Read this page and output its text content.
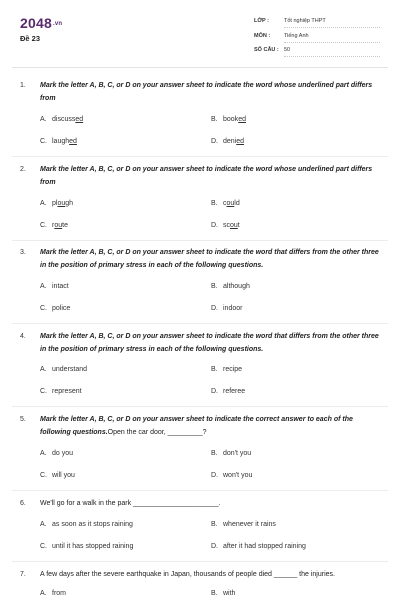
2048.vn
Đề 23
LỚP :	Tốt nghiệp THPT
MÔN :	Tiếng Anh
SỐ CÂU : 50
1. Mark the letter A, B, C, or D on your answer sheet to indicate the word whose underlined part differs from
A. discussed	B. booked
C. laughed	D. denied
2. Mark the letter A, B, C, or D on your answer sheet to indicate the word whose underlined part differs from
A. plough	B. could
C. route	D. scout
3. Mark the letter A, B, C, or D on your answer sheet to indicate the word that differs from the other three in the position of primary stress in each of the following questions.
A. intact	B. although
C. police	D. indoor
4. Mark the letter A, B, C, or D on your answer sheet to indicate the word that differs from the other three in the position of primary stress in each of the following questions.
A. understand	B. recipe
C. represent	D. referee
5. Mark the letter A, B, C, or D on your answer sheet to indicate the correct answer to each of the following questions.Open the car door, _________?
A. do you	B. don't you
C. will you	D. won't you
6. We'll go for a walk in the park ______________________.
A. as soon as it stops raining	B. whenever it rains
C. until it has stopped raining	D. after it had stopped raining
7. A few days after the severe earthquake in Japan, thousands of people died ______ the injuries.
A. from	B. with
